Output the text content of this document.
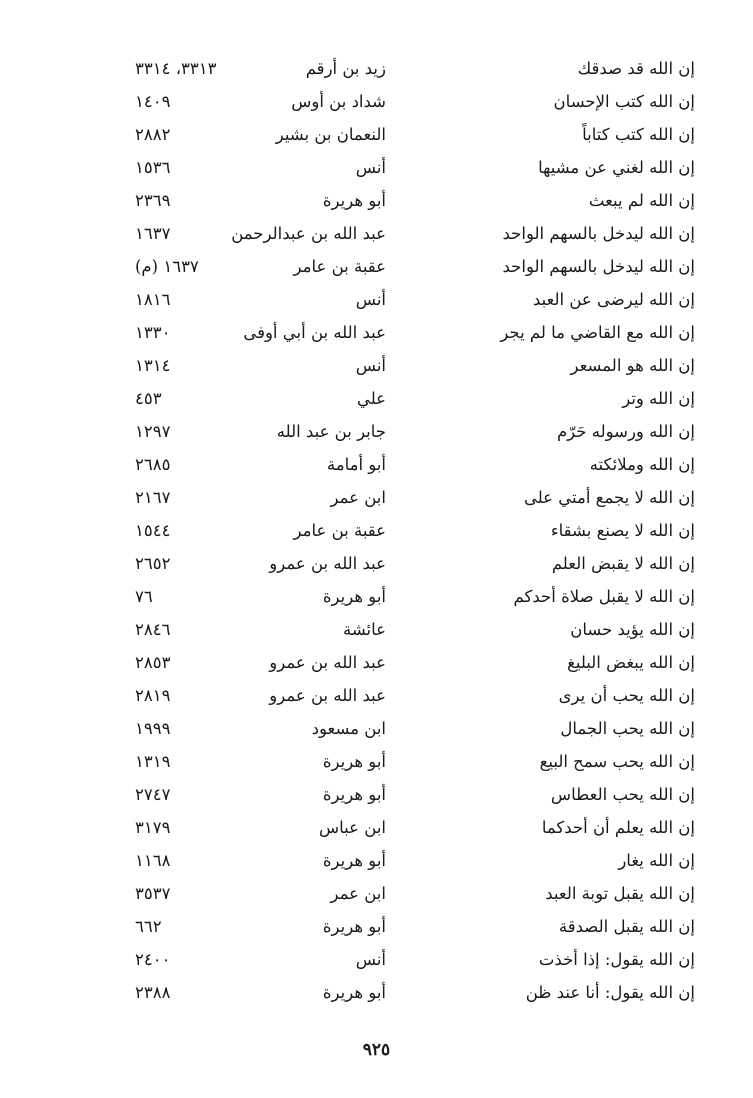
إن الله قد صدقك
زيد بن أرقم
٣٣١٣، ٣٣١٤
إن الله كتب الإحسان
شداد بن أوس
١٤٠٩
إن الله كتب كتاباً
النعمان بن بشير
٢٨٨٢
إن الله لغني عن مشيها
أنس
١٥٣٦
إن الله لم يبعث
أبو هريرة
٢٣٦٩
إن الله ليدخل بالسهم الواحد
عبد الله بن عبدالرحمن
١٦٣٧
إن الله ليدخل بالسهم الواحد
عقبة بن عامر
١٦٣٧ (م)
إن الله ليرضى عن العبد
أنس
١٨١٦
إن الله مع القاضي ما لم يجر
عبد الله بن أبي أوفى
١٣٣٠
إن الله هو المسعر
أنس
١٣١٤
إن الله وتر
علي
٤٥٣
إن الله ورسوله حَرّم
جابر بن عبد الله
١٢٩٧
إن الله وملائكته
أبو أمامة
٢٦٨٥
إن الله لا يجمع أمتي على
ابن عمر
٢١٦٧
إن الله لا يصنع بشقاء
عقبة بن عامر
١٥٤٤
إن الله لا يقبض العلم
عبد الله بن عمرو
٢٦٥٢
إن الله لا يقبل صلاة أحدكم
أبو هريرة
٧٦
إن الله يؤيد حسان
عائشة
٢٨٤٦
إن الله يبغض البليغ
عبد الله بن عمرو
٢٨٥٣
إن الله يحب أن يرى
عبد الله بن عمرو
٢٨١٩
إن الله يحب الجمال
ابن مسعود
١٩٩٩
إن الله يحب سمح البيع
أبو هريرة
١٣١٩
إن الله يحب العطاس
أبو هريرة
٢٧٤٧
إن الله يعلم أن أحدكما
ابن عباس
٣١٧٩
إن الله يغار
أبو هريرة
١١٦٨
إن الله يقبل توبة العبد
ابن عمر
٣٥٣٧
إن الله يقبل الصدقة
أبو هريرة
٦٦٢
إن الله يقول: إذا أخذت
أنس
٢٤٠٠
إن الله يقول: أنا عند ظن
أبو هريرة
٢٣٨٨
٩٢٥
